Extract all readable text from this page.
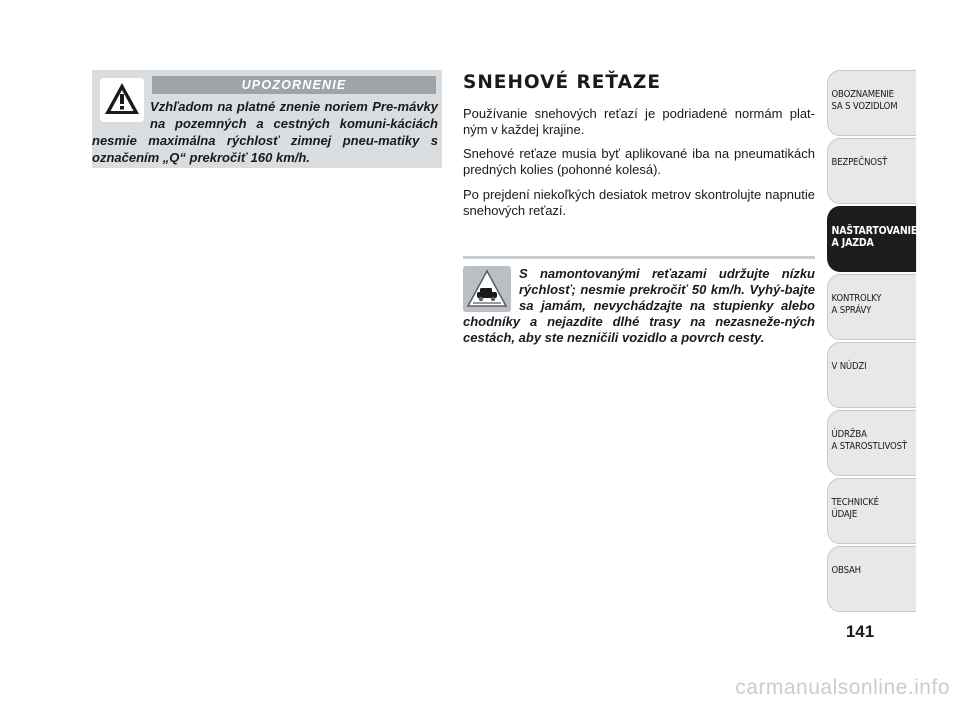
UPOZORNENIE
Vzhľadom na platné znenie noriem Pre-mávky na pozemných a cestných komuni-káciách nesmie maximálna rýchlosť zimnej pneu-matiky s označením „Q“ prekročiť 160 km/h.
SNEHOVÉ REŤAZE

Používanie snehových reťazí je podriadené normám plat-ným v každej krajine.

Snehové reťaze musia byť aplikované iba na pneumatikách predných kolies (pohonné kolesá).

Po prejdení niekoľkých desiatok metrov skontrolujte napnutie snehových reťazí.

S namontovanými reťazami udržujte nízku rýchlosť; nesmie prekročiť 50 km/h. Vyhý-bajte sa jamám, nevychádzajte na stupienky alebo chodníky a nejazdite dlhé trasy na nezasneže-ných cestách, aby ste nezničili vozidlo a povrch cesty.
OBOZNAMENIE
SA S VOZIDLOM
BEZPEČNOSŤ
NAŠTARTOVANIE
A JAZDA
KONTROLKY
A SPRÁVY
V NÚDZI
ÚDRŽBA
A STAROSTLIVOSŤ
TECHNICKÉ
ÚDAJE
OBSAH
141
carmanualsonline.info
